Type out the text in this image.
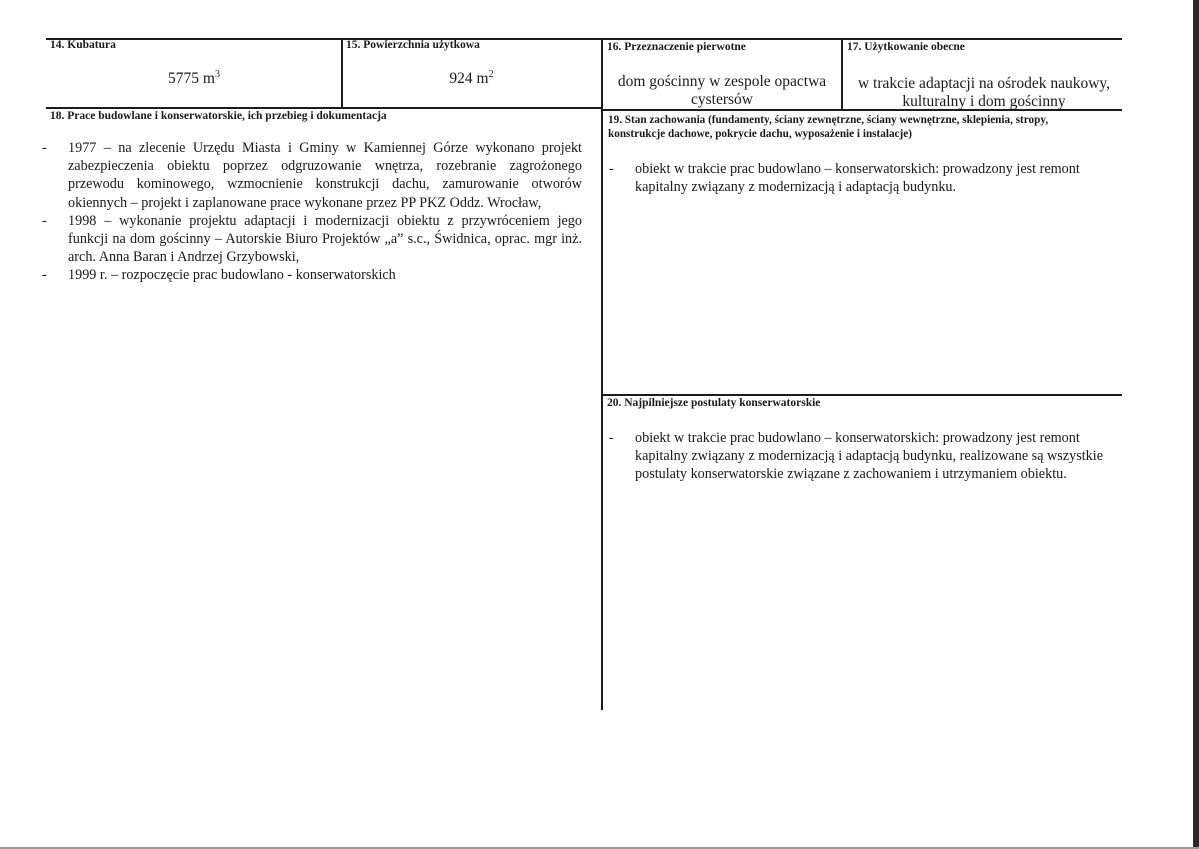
14. Kubatura
5775 $m^3$
15. Powierzchnia użytkowa
924 $m^2$
16. Przeznaczenie pierwotne
dom gościnny w zespole opactwa cystersów
17. Użytkowanie obecne
w trakcie adaptacji na ośrodek naukowy, kulturalny i dom gościnny
18. Prace budowlane i konserwatorskie, ich przebieg i dokumentacja
- 1977 – na zlecenie Urzędu Miasta i Gminy w Kamiennej Górze wykonano projekt zabezpieczenia obiektu poprzez odgruzowanie wnętrza, rozebranie zagrożonego przewodu kominowego, wzmocnienie konstrukcji dachu, zamurowanie otworów okiennych – projekt i zaplanowane prace wykonane przez PP PKZ Oddz. Wrocław,
- 1998 – wykonanie projektu adaptacji i modernizacji obiektu z przywróceniem jego funkcji na dom gościnny – Autorskie Biuro Projektów „a” s.c., Świdnica, oprac. mgr inż. arch. Anna Baran i Andrzej Grzybowski,
- 1999 r. – rozpoczęcie prac budowlano - konserwatorskich
19. Stan zachowania (fundamenty, ściany zewnętrzne, ściany wewnętrzne, sklepienia, stropy, konstrukcje dachowe, pokrycie dachu, wyposażenie i instalacje)
- obiekt w trakcie prac budowlano – konserwatorskich: prowadzony jest remont kapitalny związany z modernizacją i adaptacją budynku.
20. Najpilniejsze postulaty konserwatorskie
- obiekt w trakcie prac budowlano – konserwatorskich: prowadzony jest remont kapitalny związany z modernizacją i adaptacją budynku, realizowane są wszystkie postulaty konserwatorskie związane z zachowaniem i utrzymaniem obiektu.
